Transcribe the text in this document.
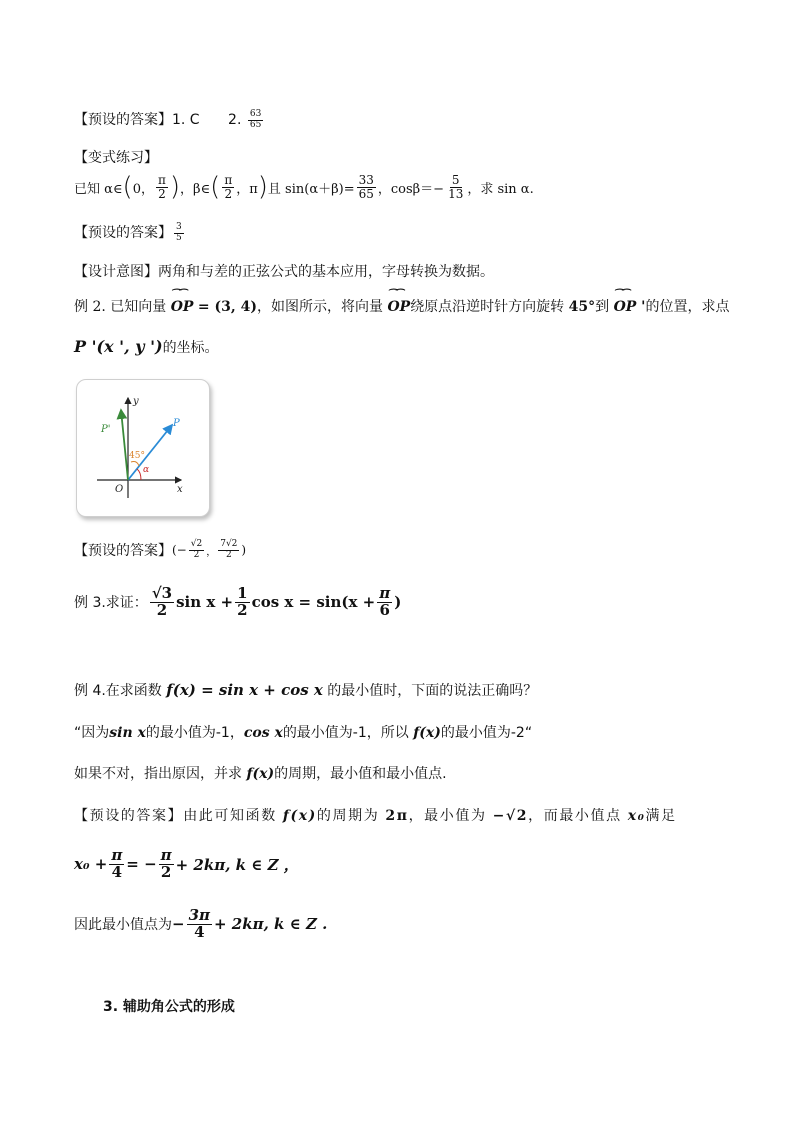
【预设的答案】1. C 2. $\frac{63}{65}$
【变式练习】
已知 α∈ ( 0， $\frac{\pi}{2}$ ) ，β∈ ( $\frac{\pi}{2}$ ，π ) 且 $\sin(\alpha+\beta)= \frac{33}{65}$ ，$\cos\beta=- \frac{5}{13}$ ，求 sin α.
【预设的答案】 $\frac{3}{5}$
【设计意图】两角和与差的正弦公式的基本应用，字母转换为数据。
例 2. 已知向量 ⁀⁀ OP = (3, 4)，如图所示，将向量 ⁀⁀ OP绕原点沿逆时针方向旋转 45°到 ⁀⁀ OP '的位置，求点
P '(x ', y ')的坐标。
y
x
O
P
P'
45°
α
【预设的答案】 (− $\frac{√2}{2}$ ， $\frac{7√2}{2}$ )
例 3.求证： $\frac{√3}{2}$ $\sin x + \frac{1}{2}$ $\cos x = \sin(x + \frac{\pi}{6}$ )
例 4.在求函数 f(x) = sin x + cos x 的最小值时，下面的说法正确吗？
“因为sin x的最小值为-1，cos x的最小值为-1，所以 f(x)的最小值为-2“
如果不对，指出原因，并求 f(x)的周期，最小值和最小值点.
【预设的答案】由此可知函数 f(x)的周期为 2π，最小值为 −√2，而最小值点 x₀满足
$x_0 + \frac{\pi}{4}$ = − $\frac{\pi}{2} + 2k\pi$, k ∈ Z ，
因此最小值点为 − $\frac{3\pi}{4} + 2k\pi$, k ∈ Z .
3. 辅助角公式的形成
